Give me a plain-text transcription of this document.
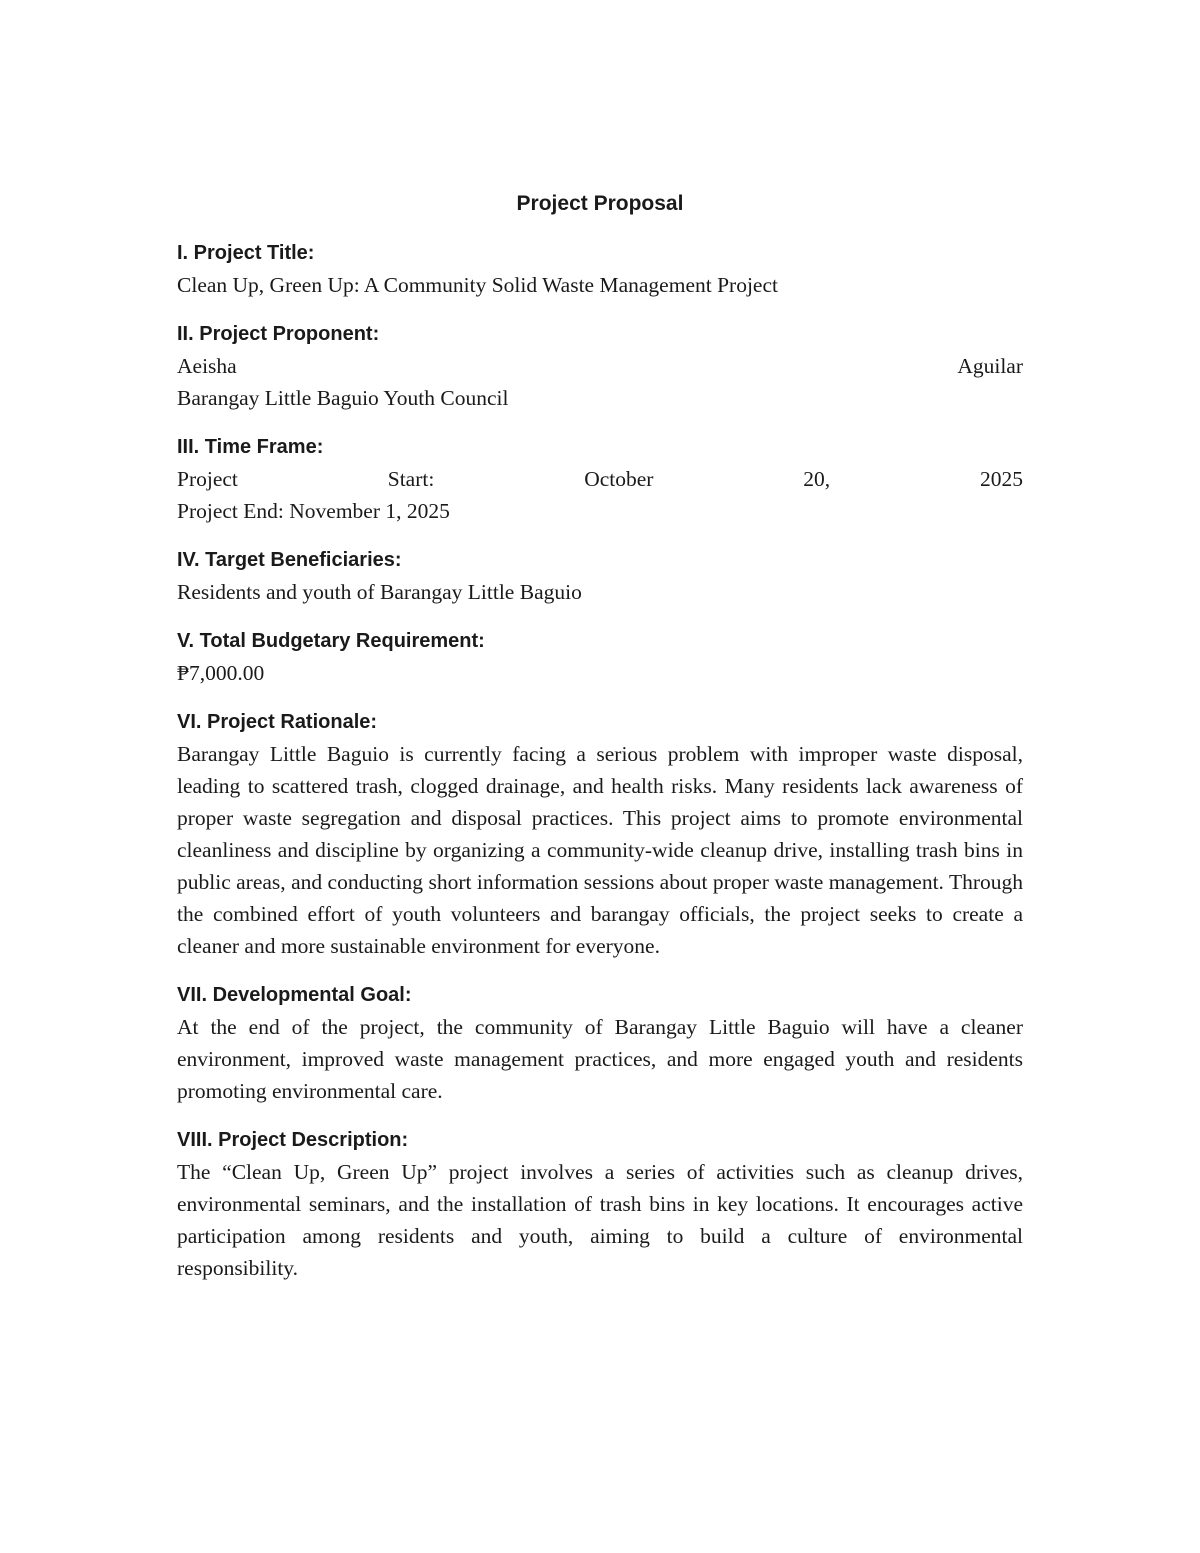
Project Proposal
I. Project Title:
Clean Up, Green Up: A Community Solid Waste Management Project
II. Project Proponent:
Aeisha	Aguilar
Barangay Little Baguio Youth Council
III. Time Frame:
Project	Start:	October	20,	2025
Project End: November 1, 2025
IV. Target Beneficiaries:
Residents and youth of Barangay Little Baguio
V. Total Budgetary Requirement:
₱7,000.00
VI. Project Rationale:
Barangay Little Baguio is currently facing a serious problem with improper waste disposal, leading to scattered trash, clogged drainage, and health risks. Many residents lack awareness of proper waste segregation and disposal practices. This project aims to promote environmental cleanliness and discipline by organizing a community-wide cleanup drive, installing trash bins in public areas, and conducting short information sessions about proper waste management. Through the combined effort of youth volunteers and barangay officials, the project seeks to create a cleaner and more sustainable environment for everyone.
VII. Developmental Goal:
At the end of the project, the community of Barangay Little Baguio will have a cleaner environment, improved waste management practices, and more engaged youth and residents promoting environmental care.
VIII. Project Description:
The “Clean Up, Green Up” project involves a series of activities such as cleanup drives, environmental seminars, and the installation of trash bins in key locations. It encourages active participation among residents and youth, aiming to build a culture of environmental responsibility.
